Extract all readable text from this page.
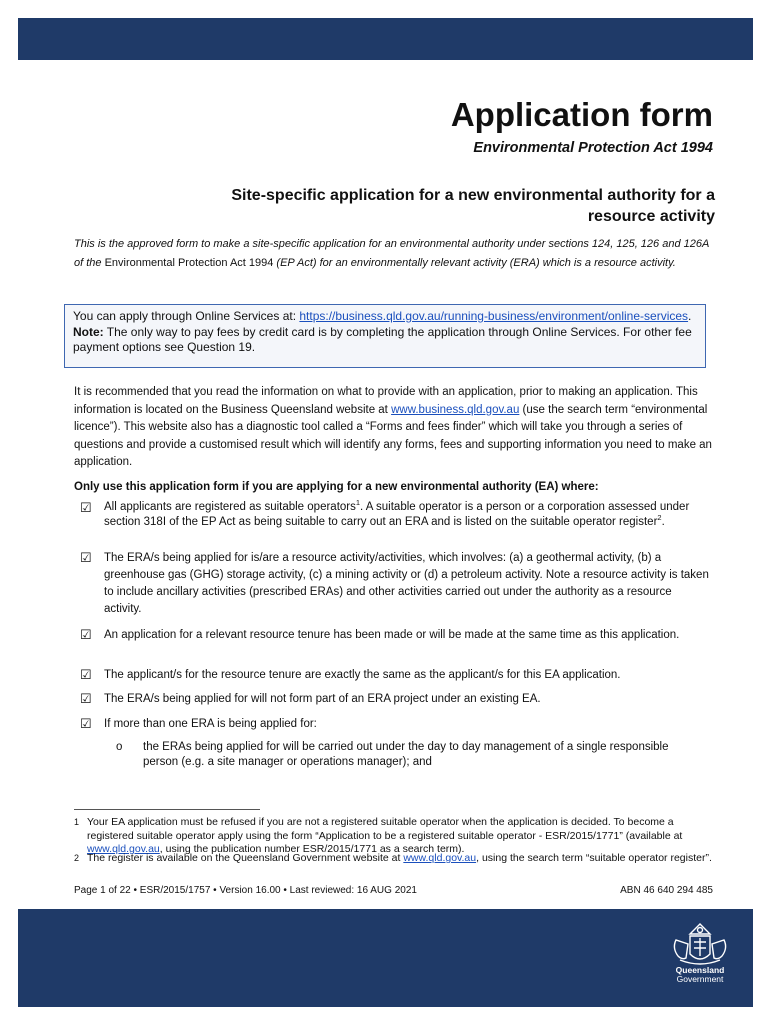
Application form
Environmental Protection Act 1994
Site-specific application for a new environmental authority for a resource activity
This is the approved form to make a site-specific application for an environmental authority under sections 124, 125, 126 and 126A of the Environmental Protection Act 1994 (EP Act) for an environmentally relevant activity (ERA) which is a resource activity.
You can apply through Online Services at: https://business.qld.gov.au/running-business/environment/online-services.
Note: The only way to pay fees by credit card is by completing the application through Online Services. For other fee payment options see Question 19.
It is recommended that you read the information on what to provide with an application, prior to making an application. This information is located on the Business Queensland website at www.business.qld.gov.au (use the search term “environmental licence”). This website also has a diagnostic tool called a “Forms and fees finder” which will take you through a series of questions and provide a customised result which will identify any forms, fees and supporting information you need to make an application.
Only use this application form if you are applying for a new environmental authority (EA) where:
☑ All applicants are registered as suitable operators$^1$. A suitable operator is a person or a corporation assessed under section 318I of the EP Act as being suitable to carry out an ERA and is listed on the suitable operator register$^2$.
☑ The ERA/s being applied for is/are a resource activity/activities, which involves: (a) a geothermal activity, (b) a greenhouse gas (GHG) storage activity, (c) a mining activity or (d) a petroleum activity. Note a resource activity is taken to include ancillary activities (prescribed ERAs) and other activities carried out under the authority as a resource activity.
☑ An application for a relevant resource tenure has been made or will be made at the same time as this application.
☑ The applicant/s for the resource tenure are exactly the same as the applicant/s for this EA application.
☑ The ERA/s being applied for will not form part of an ERA project under an existing EA.
☑ If more than one ERA is being applied for:
o the ERAs being applied for will be carried out under the day to day management of a single responsible person (e.g. a site manager or operations manager); and
1 Your EA application must be refused if you are not a registered suitable operator when the application is decided. To become a registered suitable operator apply using the form “Application to be a registered suitable operator - ESR/2015/1771” (available at www.qld.gov.au, using the publication number ESR/2015/1771 as a search term).
2 The register is available on the Queensland Government website at www.qld.gov.au, using the search term “suitable operator register”.
Page 1 of 22 • ESR/2015/1757 • Version 16.00 • Last reviewed: 16 AUG 2021	ABN 46 640 294 485
Queensland
Government
